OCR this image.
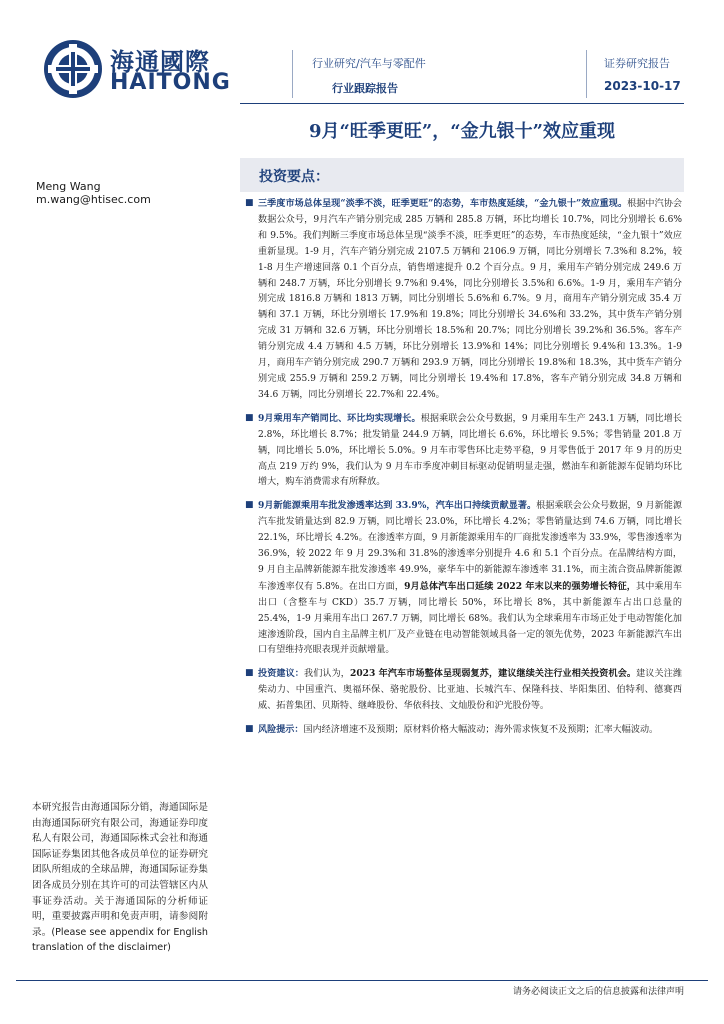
海通國際
HAITONG
行业研究/汽车与零配件
行业跟踪报告
证券研究报告
2023-10-17
9月“旺季更旺”，“金九银十”效应重现
投资要点：
Meng Wang
m.wang@htisec.com	■ 三季度市场总体呈现“淡季不淡，旺季更旺”的态势，车市热度延续，“金九银十”效应重现。根据中汽协会数据公众号，9月汽车产销分别完成 285 万辆和 285.8 万辆，环比均增长 10.7%，同比分别增长 6.6%和 9.5%。我们判断三季度市场总体呈现“淡季不淡，旺季更旺”的态势，车市热度延续，“金九银十”效应重新显现。1-9 月，汽车产销分别完成 2107.5 万辆和 2106.9 万辆，同比分别增长 7.3%和 8.2%，较 1-8 月生产增速回落 0.1 个百分点，销售增速提升 0.2 个百分点。9 月，乘用车产销分别完成 249.6 万辆和 248.7 万辆，环比分别增长 9.7%和 9.4%，同比分别增长 3.5%和 6.6%。1-9 月，乘用车产销分别完成 1816.8 万辆和 1813 万辆，同比分别增长 5.6%和 6.7%。9 月，商用车产销分别完成 35.4 万辆和 37.1 万辆，环比分别增长 17.9%和 19.8%；同比分别增长 34.6%和 33.2%，其中货车产销分别完成 31 万辆和 32.6 万辆，环比分别增长 18.5%和 20.7%；同比分别增长 39.2%和 36.5%。客车产销分别完成 4.4 万辆和 4.5 万辆，环比分别增长 13.9%和 14%；同比分别增长 9.4%和 13.3%。1-9 月，商用车产销分别完成 290.7 万辆和 293.9 万辆，同比分别增长 19.8%和 18.3%，其中货车产销分别完成 255.9 万辆和 259.2 万辆，同比分别增长 19.4%和 17.8%，客车产销分别完成 34.8 万辆和 34.6 万辆，同比分别增长 22.7%和 22.4%。
■ 9月乘用车产销同比、环比均实现增长。根据乘联会公众号数据，9 月乘用车生产 243.1 万辆，同比增长 2.8%，环比增长 8.7%；批发销量 244.9 万辆，同比增长 6.6%，环比增长 9.5%；零售销量 201.8 万辆，同比增长 5.0%，环比增长 5.0%。9 月车市零售环比走势平稳，9 月零售低于 2017 年 9 月的历史高点 219 万约 9%，我们认为 9 月车市季度冲刺目标驱动促销明显走强，燃油车和新能源车促销均环比增大，购车消费需求有所释放。
■ 9月新能源乘用车批发渗透率达到 33.9%，汽车出口持续贡献显著。根据乘联会公众号数据，9 月新能源汽车批发销量达到 82.9 万辆，同比增长 23.0%，环比增长 4.2%；零售销量达到 74.6 万辆，同比增长 22.1%，环比增长 4.2%。在渗透率方面，9 月新能源乘用车的厂商批发渗透率为 33.9%，零售渗透率为 36.9%，较 2022 年 9 月 29.3%和 31.8%的渗透率分别提升 4.6 和 5.1 个百分点。在品牌结构方面，9 月自主品牌新能源车批发渗透率 49.9%，豪华车中的新能源车渗透率 31.1%，而主流合资品牌新能源车渗透率仅有 5.8%。在出口方面，9月总体汽车出口延续 2022 年末以来的强势增长特征，其中乘用车出口（含整车与 CKD）35.7 万辆，同比增长 50%，环比增长 8%，其中新能源车占出口总量的 25.4%，1-9 月乘用车出口 267.7 万辆，同比增长 68%。我们认为全球乘用车市场正处于电动智能化加速渗透阶段，国内自主品牌主机厂及产业链在电动智能领域具备一定的领先优势，2023 年新能源汽车出口有望维持亮眼表现并贡献增量。
■ 投资建议：我们认为，2023 年汽车市场整体呈现弱复苏，建议继续关注行业相关投资机会。建议关注潍柴动力、中国重汽、奥福环保、骆驼股份、比亚迪、长城汽车、保隆科技、毕阳集团、伯特利、德赛西威、拓普集团、贝斯特、继峰股份、华依科技、文灿股份和沪光股份等。
■ 风险提示：国内经济增速不及预期；原材料价格大幅波动；海外需求恢复不及预期；汇率大幅波动。
本研究报告由海通国际分销，海通国际是由海通国际研究有限公司，海通证券印度私人有限公司，海通国际株式会社和海通国际证券集团其他各成员单位的证券研究团队所组成的全球品牌，海通国际证券集团各成员分别在其许可的司法管辖区内从事证券活动。关于海通国际的分析师证明，重要披露声明和免责声明，请参阅附录。(Please see appendix for English translation of the disclaimer)
请务必阅读正文之后的信息披露和法律声明
